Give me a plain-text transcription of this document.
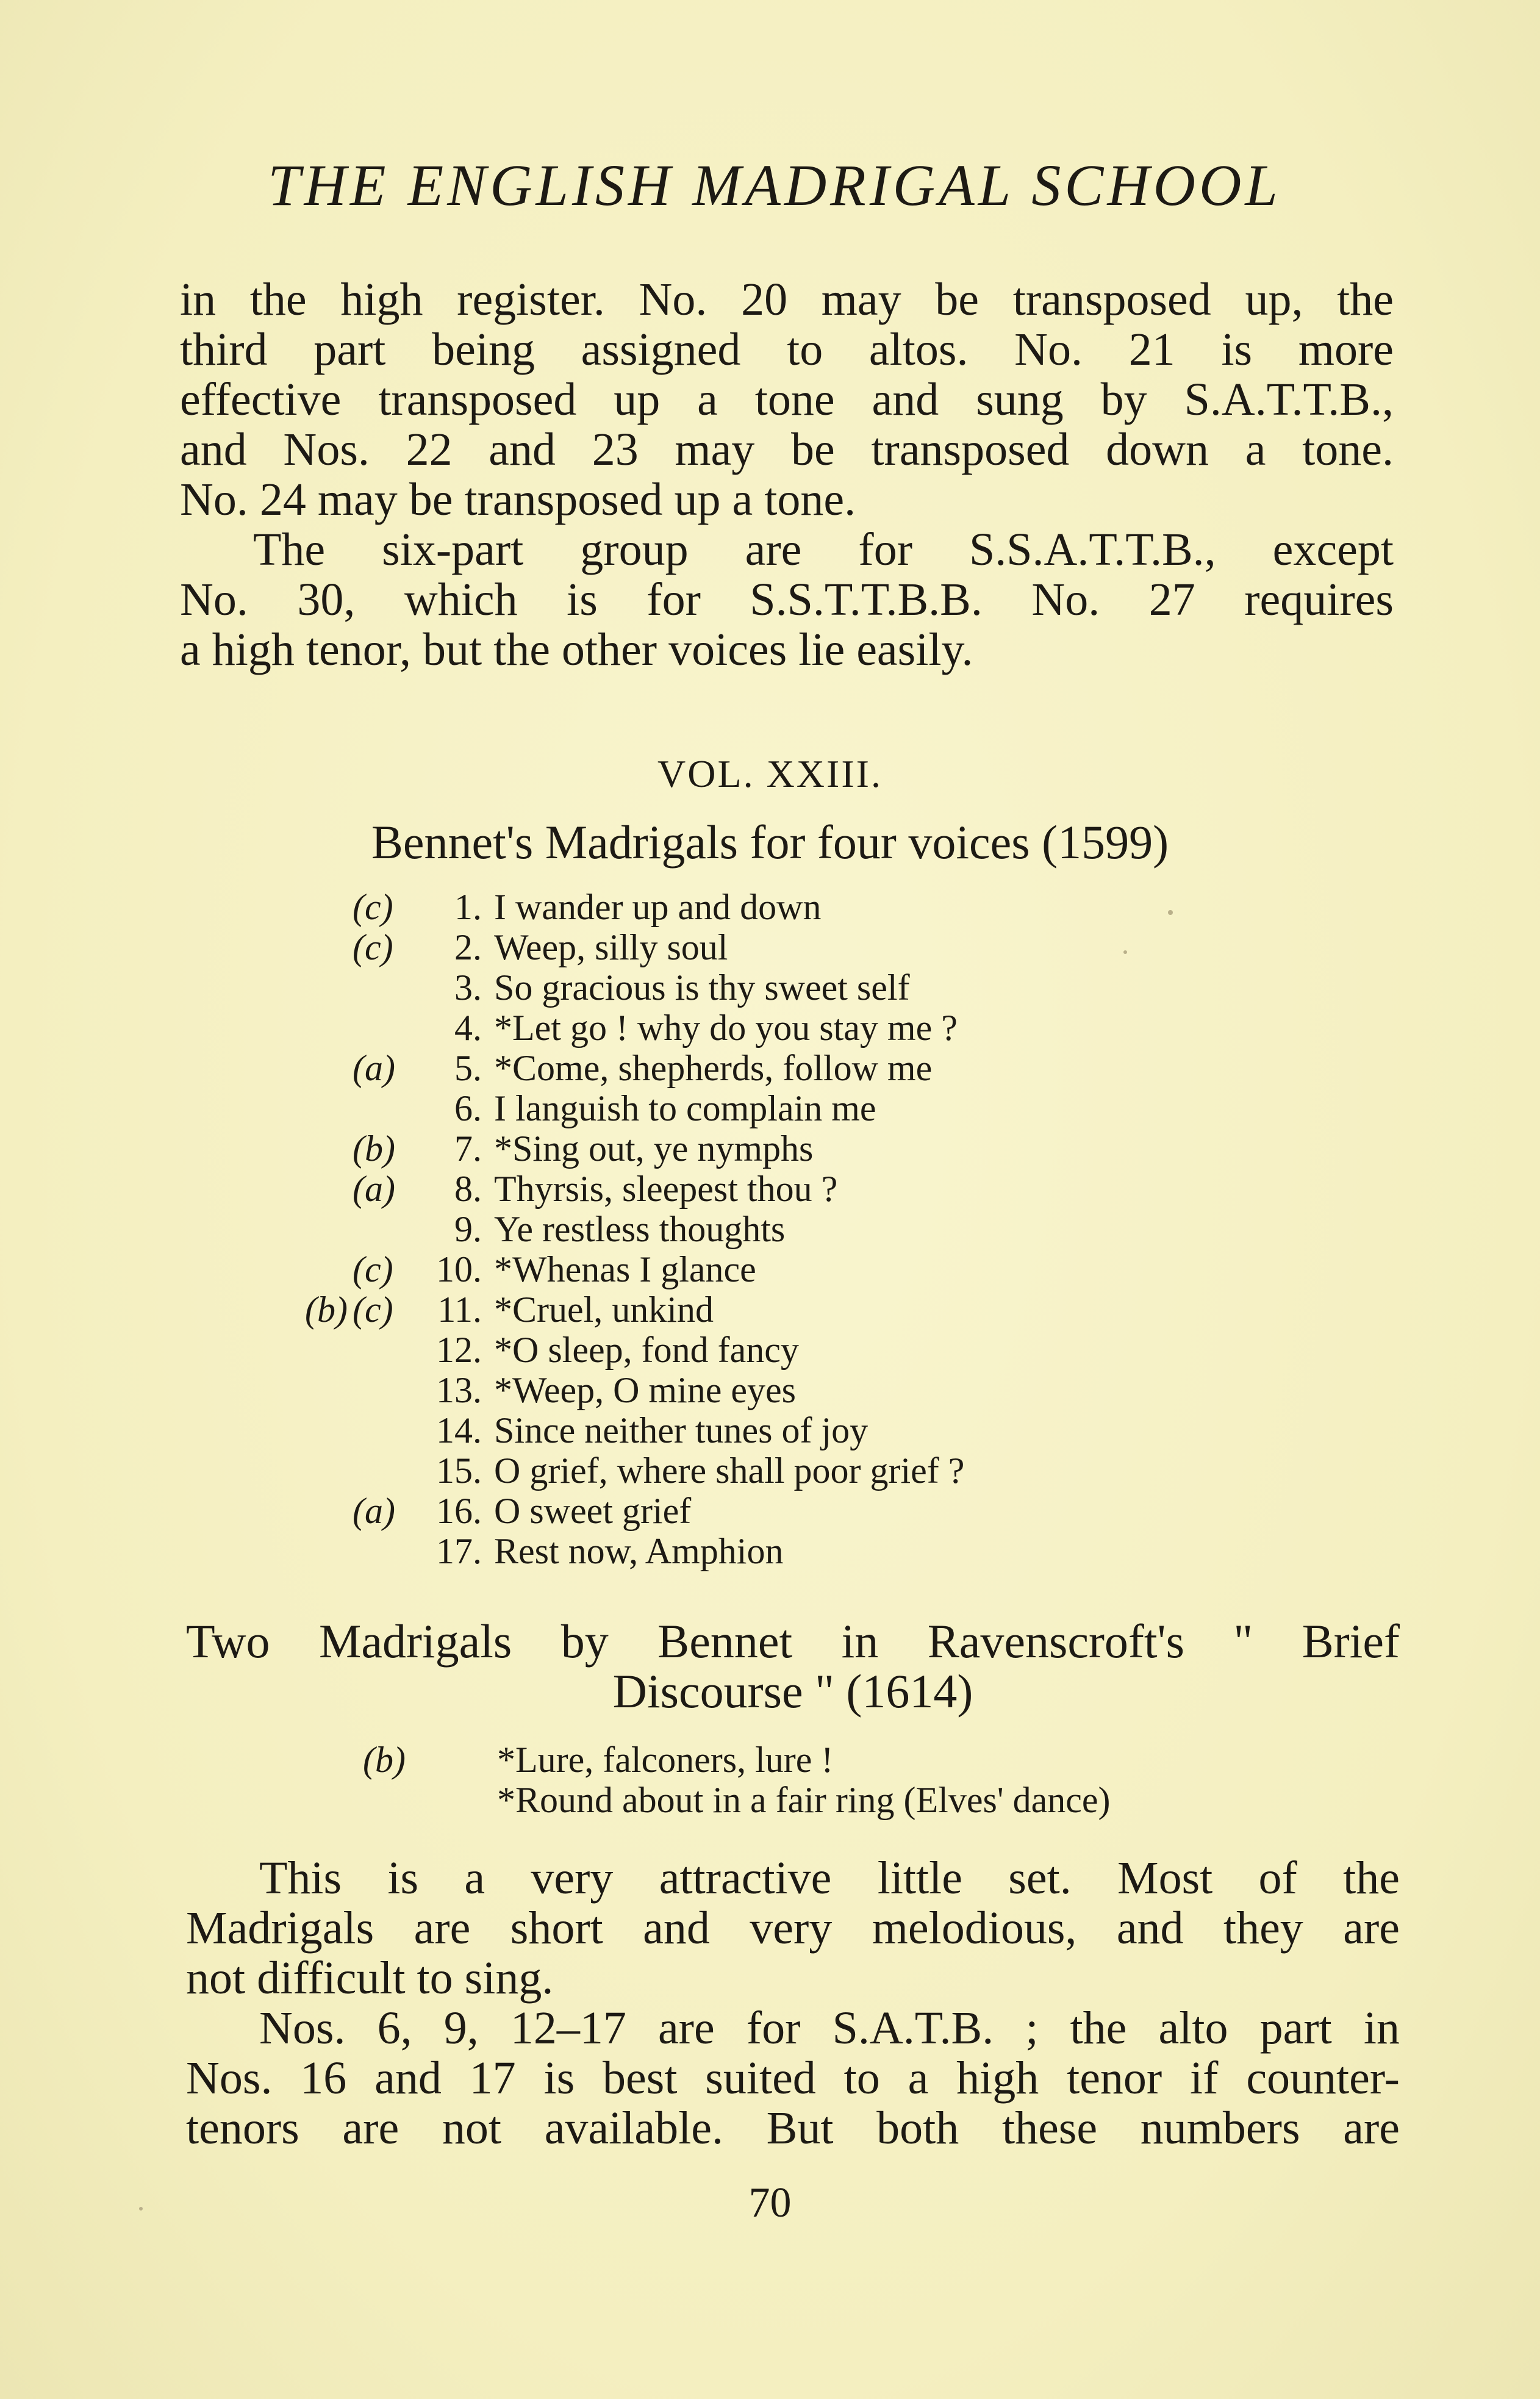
THE ENGLISH MADRIGAL SCHOOL
in the high register. No. 20 may be transposed up, the
third part being assigned to altos. No. 21 is more
effective transposed up a tone and sung by S.A.T.T.B.,
and Nos. 22 and 23 may be transposed down a tone.
No. 24 may be transposed up a tone.
The six-part group are for S.S.A.T.T.B., except
No. 30, which is for S.S.T.T.B.B. No. 27 requires
a high tenor, but the other voices lie easily.
VOL. XXIII.
Bennet's Madrigals for four voices (1599)
(c)	1. I wander up and down
(c)	2. Weep, silly soul
3. So gracious is thy sweet self
4. *Let go ! why do you stay me ?
(a)	5. *Come, shepherds, follow me
6. I languish to complain me
(b)	7. *Sing out, ye nymphs
(a)	8. Thyrsis, sleepest thou ?
9. Ye restless thoughts
(c)	10. *Whenas I glance
(b) (c)	11. *Cruel, unkind
12. *O sleep, fond fancy
13. *Weep, O mine eyes
14. Since neither tunes of joy
15. O grief, where shall poor grief ?
(a)	16. O sweet grief
17. Rest now, Amphion
Two Madrigals by Bennet in Ravenscroft's " Brief
Discourse " (1614)
(b)	*Lure, falconers, lure !
*Round about in a fair ring (Elves' dance)
This is a very attractive little set. Most of the
Madrigals are short and very melodious, and they are
not difficult to sing.
Nos. 6, 9, 12–17 are for S.A.T.B. ; the alto part in
Nos. 16 and 17 is best suited to a high tenor if counter-
tenors are not available. But both these numbers are
70
